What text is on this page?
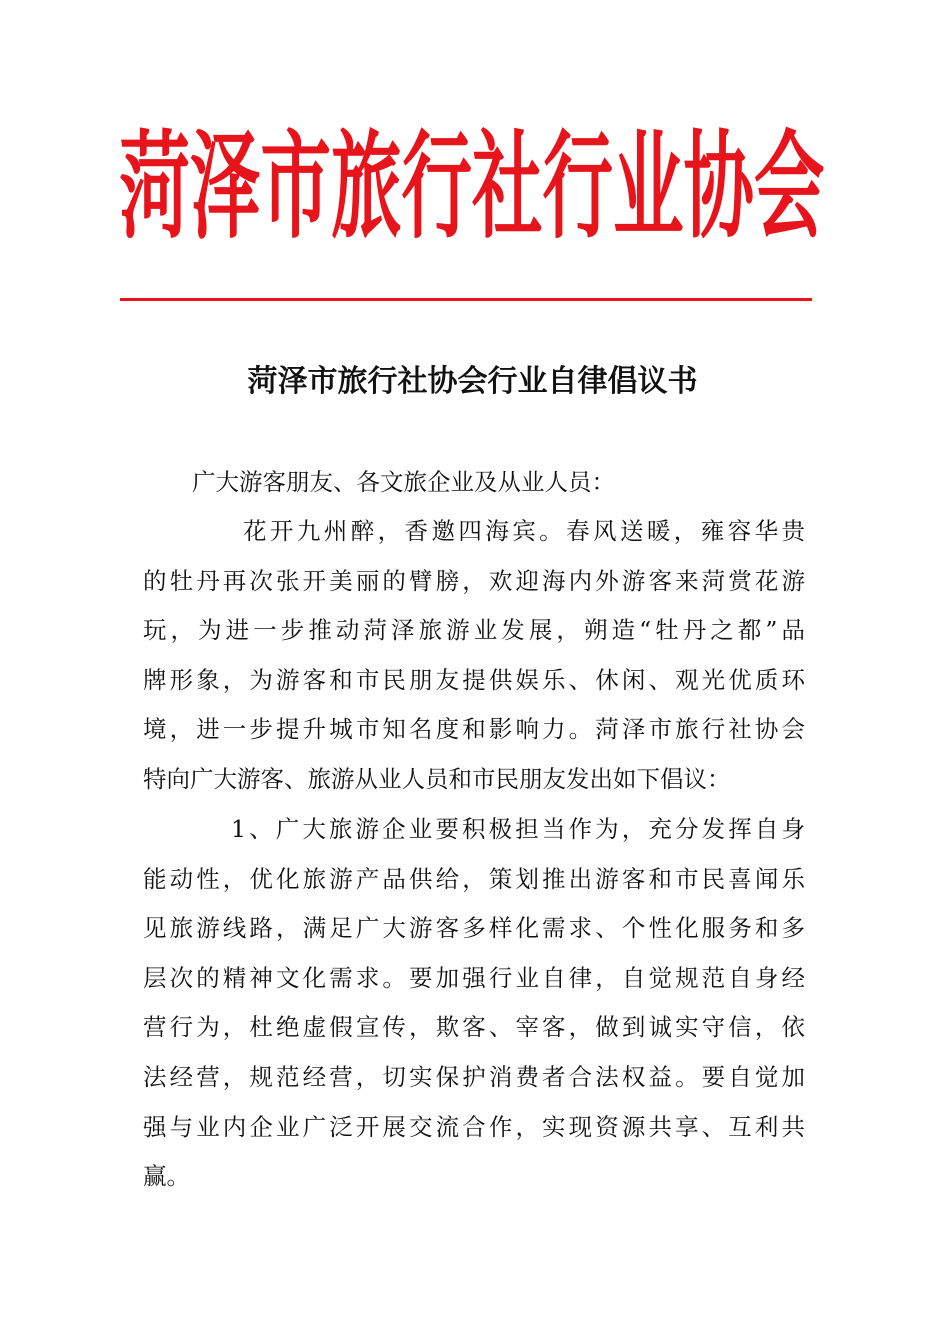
菏泽市旅行社行业协会
菏泽市旅行社协会行业自律倡议书
广大游客朋友、各文旅企业及从业人员：
花开九州醉，香邀四海宾。春风送暖，雍容华贵
的牡丹再次张开美丽的臂膀，欢迎海内外游客来菏赏花游
玩，为进一步推动菏泽旅游业发展，朔造“牡丹之都”品
牌形象，为游客和市民朋友提供娱乐、休闲、观光优质环
境，进一步提升城市知名度和影响力。菏泽市旅行社协会
特向广大游客、旅游从业人员和市民朋友发出如下倡议：
1、广大旅游企业要积极担当作为，充分发挥自身
能动性，优化旅游产品供给，策划推出游客和市民喜闻乐
见旅游线路，满足广大游客多样化需求、个性化服务和多
层次的精神文化需求。要加强行业自律，自觉规范自身经
营行为，杜绝虚假宣传，欺客、宰客，做到诚实守信，依
法经营，规范经营，切实保护消费者合法权益。要自觉加
强与业内企业广泛开展交流合作，实现资源共享、互利共
赢。
